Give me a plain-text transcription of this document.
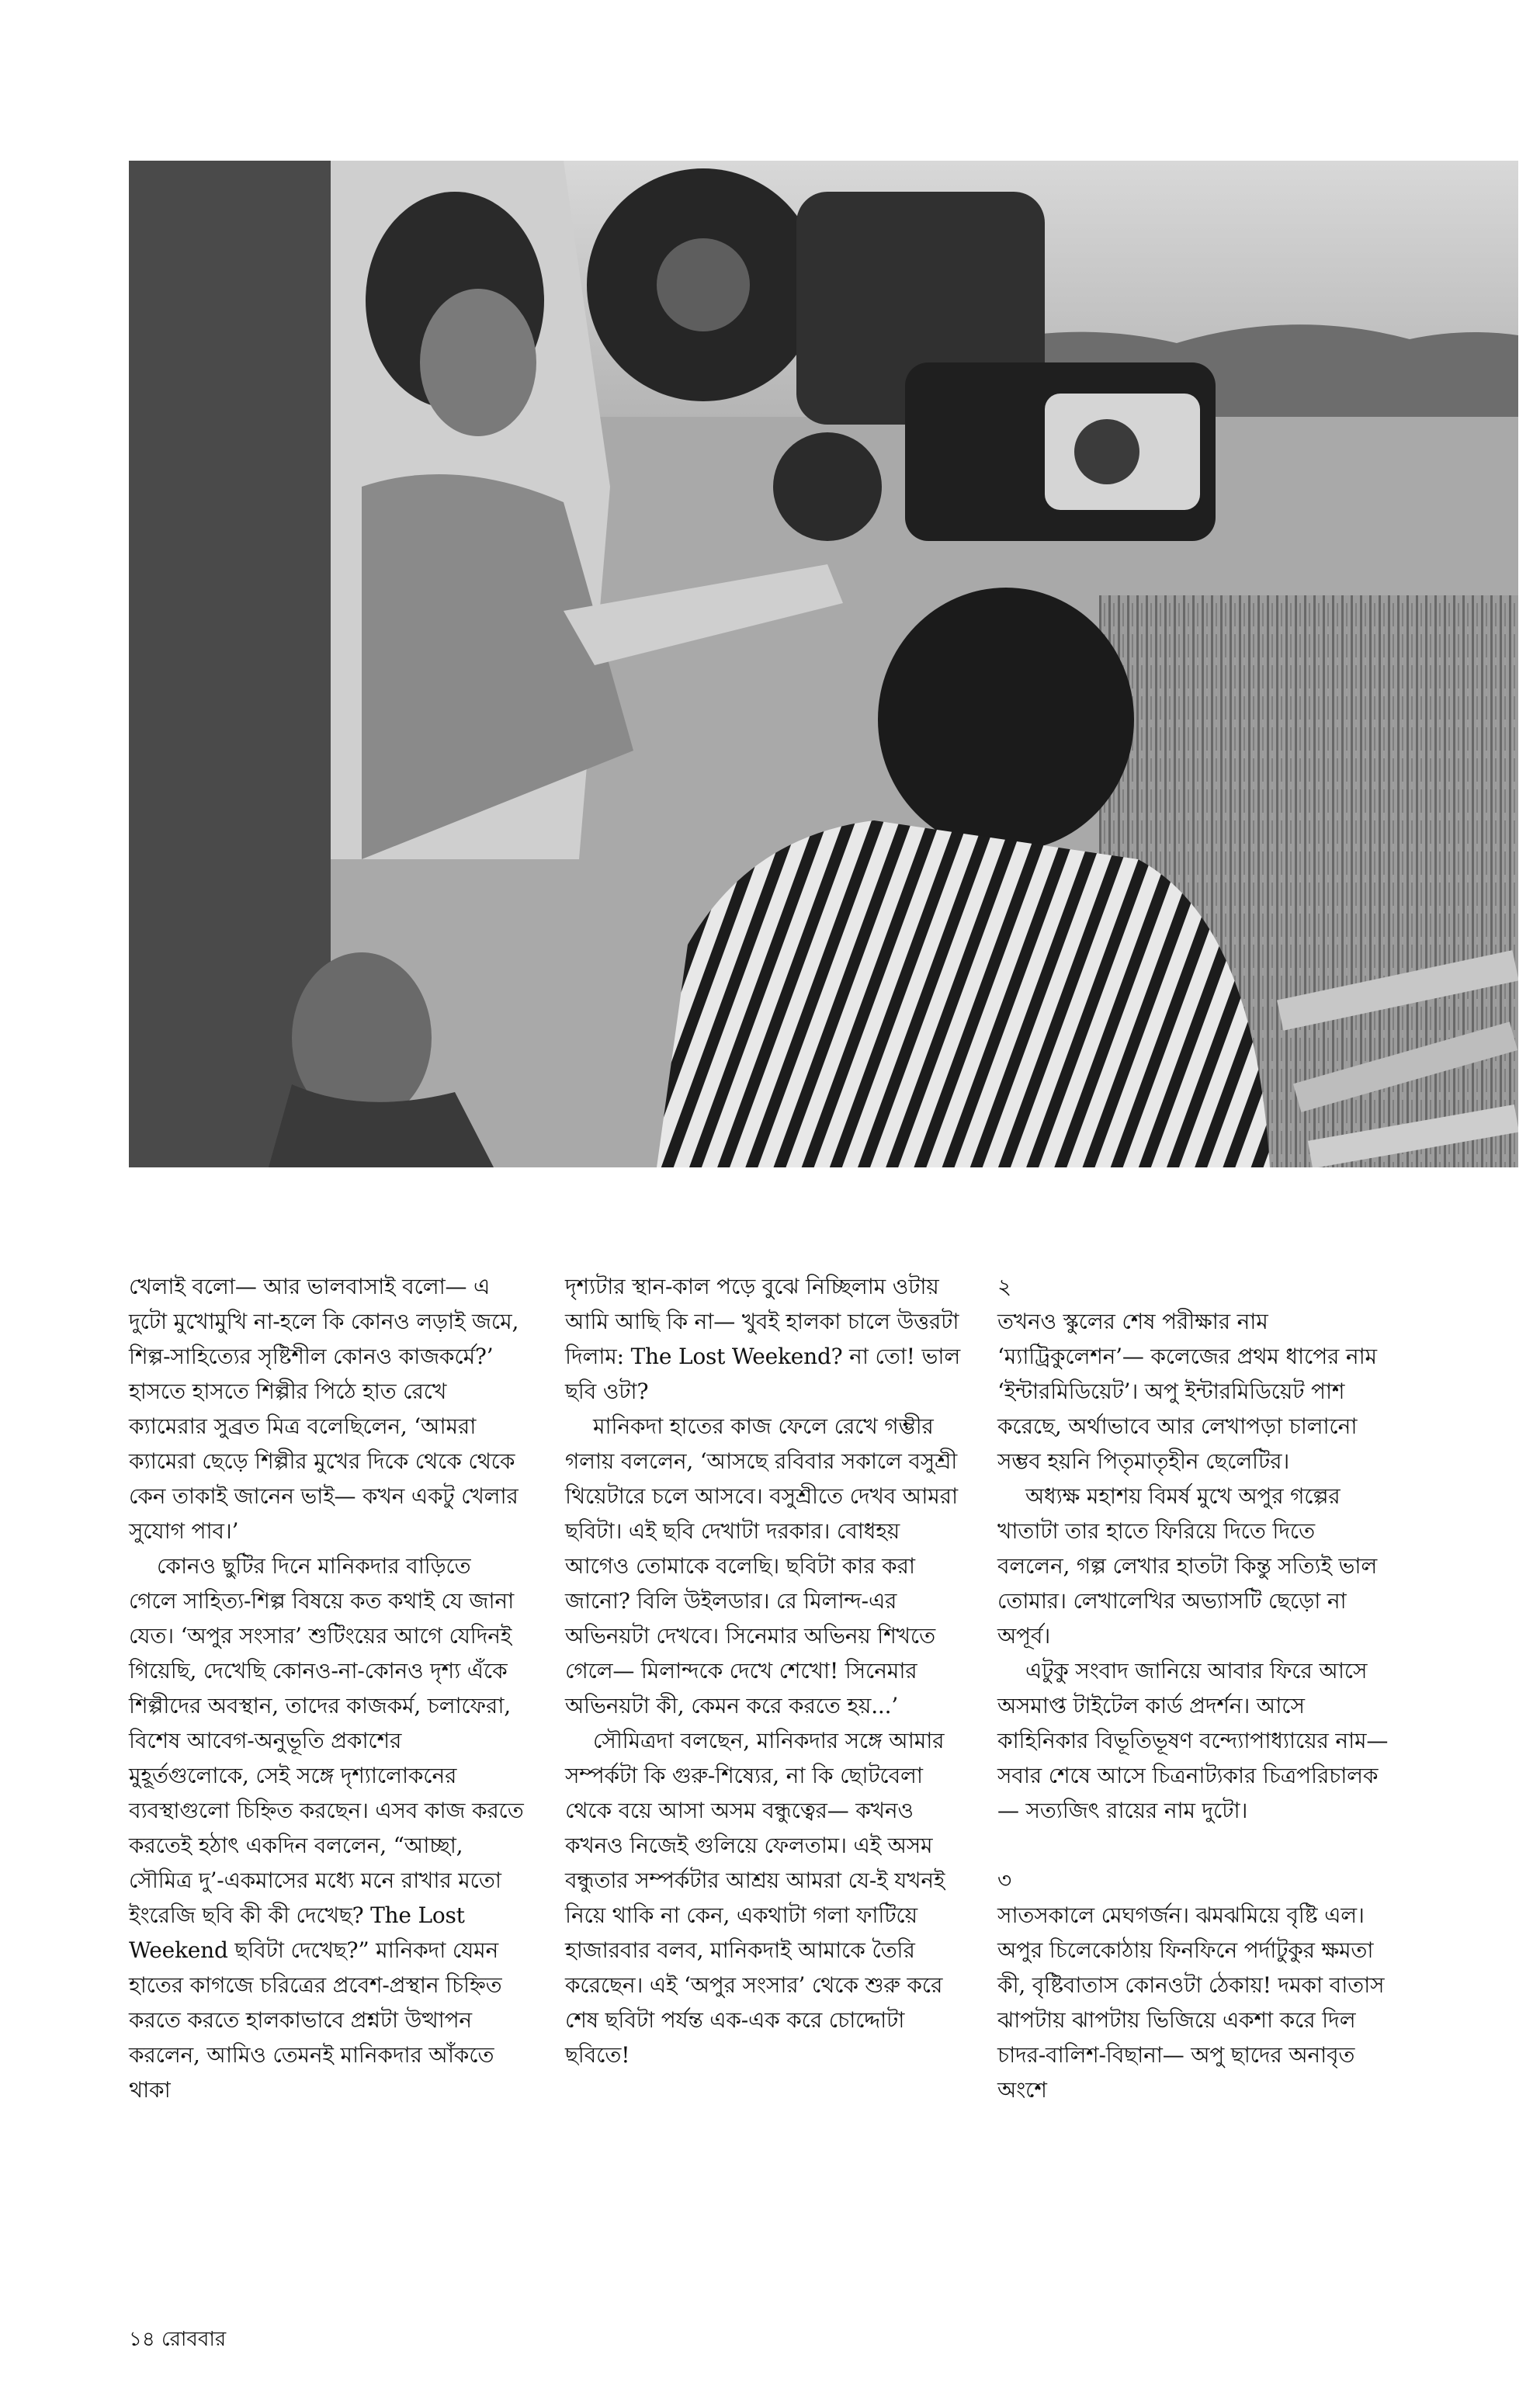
খেলাই বলো— আর ভালবাসাই বলো— এ দুটো মুখোমুখি না-হলে কি কোনও লড়াই জমে, শিল্প-সাহিত্যের সৃষ্টিশীল কোনও কাজকর্মে?’ হাসতে হাসতে শিল্পীর পিঠে হাত রেখে ক্যামেরার সুব্রত মিত্র বলেছিলেন, ‘আমরা ক্যামেরা ছেড়ে শিল্পীর মুখের দিকে থেকে থেকে কেন তাকাই জানেন ভাই— কখন একটু খেলার সুযোগ পাব।’

কোনও ছুটির দিনে মানিকদার বাড়িতে গেলে সাহিত্য-শিল্প বিষয়ে কত কথাই যে জানা যেত। ‘অপুর সংসার’ শুটিংয়ের আগে যেদিনই গিয়েছি, দেখেছি কোনও-না-কোনও দৃশ্য এঁকে শিল্পীদের অবস্থান, তাদের কাজকর্ম, চলাফেরা, বিশেষ আবেগ-অনুভূতি প্রকাশের মুহূর্তগুলোকে, সেই সঙ্গে দৃশ্যালোকনের ব্যবস্থাগুলো চিহ্নিত করছেন। এসব কাজ করতে করতেই হঠাৎ একদিন বললেন, “আচ্ছা, সৌমিত্র দু’-একমাসের মধ্যে মনে রাখার মতো ইংরেজি ছবি কী কী দেখেছ? The Lost Weekend ছবিটা দেখেছ?” মানিকদা যেমন হাতের কাগজে চরিত্রের প্রবেশ-প্রস্থান চিহ্নিত করতে করতে হালকাভাবে প্রশ্নটা উত্থাপন করলেন, আমিও তেমনই মানিকদার আঁকতে থাকা

দৃশ্যটার স্থান-কাল পড়ে বুঝে নিচ্ছিলাম ওটায় আমি আছি কি না— খুবই হালকা চালে উত্তরটা দিলাম: The Lost Weekend? না তো! ভাল ছবি ওটা?

মানিকদা হাতের কাজ ফেলে রেখে গম্ভীর গলায় বললেন, ‘আসছে রবিবার সকালে বসুশ্রী থিয়েটারে চলে আসবে। বসুশ্রীতে দেখব আমরা ছবিটা। এই ছবি দেখাটা দরকার। বোধহয় আগেও তোমাকে বলেছি। ছবিটা কার করা জানো? বিলি উইলডার। রে মিলান্দ-এর অভিনয়টা দেখবে। সিনেমার অভিনয় শিখতে গেলে— মিলান্দকে দেখে শেখো! সিনেমার অভিনয়টা কী, কেমন করে করতে হয়...’

সৌমিত্রদা বলছেন, মানিকদার সঙ্গে আমার সম্পর্কটা কি গুরু-শিষ্যের, না কি ছোটবেলা থেকে বয়ে আসা অসম বন্ধুত্বের— কখনও কখনও নিজেই গুলিয়ে ফেলতাম। এই অসম বন্ধুতার সম্পর্কটার আশ্রয় আমরা যে-ই যখনই নিয়ে থাকি না কেন, একথাটা গলা ফাটিয়ে হাজারবার বলব, মানিকদাই আমাকে তৈরি করেছেন। এই ‘অপুর সংসার’ থেকে শুরু করে শেষ ছবিটা পর্যন্ত এক-এক করে চোদ্দোটা ছবিতে!

২

তখনও স্কুলের শেষ পরীক্ষার নাম ‘ম্যাট্রিকুলেশন’— কলেজের প্রথম ধাপের নাম ‘ইন্টারমিডিয়েট’। অপু ইন্টারমিডিয়েট পাশ করেছে, অর্থাভাবে আর লেখাপড়া চালানো সম্ভব হয়নি পিতৃমাতৃহীন ছেলেটির।

অধ্যক্ষ মহাশয় বিমর্ষ মুখে অপুর গল্পের খাতাটা তার হাতে ফিরিয়ে দিতে দিতে বললেন, গল্প লেখার হাতটা কিন্তু সত্যিই ভাল তোমার। লেখালেখির অভ্যাসটি ছেড়ো না অপূর্ব।

এটুকু সংবাদ জানিয়ে আবার ফিরে আসে অসমাপ্ত টাইটেল কার্ড প্রদর্শন। আসে কাহিনিকার বিভূতিভূষণ বন্দ্যোপাধ্যায়ের নাম— সবার শেষে আসে চিত্রনাট্যকার চিত্রপরিচালক— সত্যজিৎ রায়ের নাম দুটো।

৩

সাতসকালে মেঘগর্জন। ঝমঝমিয়ে বৃষ্টি এল। অপুর চিলেকোঠায় ফিনফিনে পর্দাটুকুর ক্ষমতা কী, বৃষ্টিবাতাস কোনওটা ঠেকায়! দমকা বাতাস ঝাপটায় ঝাপটায় ভিজিয়ে একশা করে দিল চাদর-বালিশ-বিছানা— অপু ছাদের অনাবৃত অংশে

১৪ রোববার
